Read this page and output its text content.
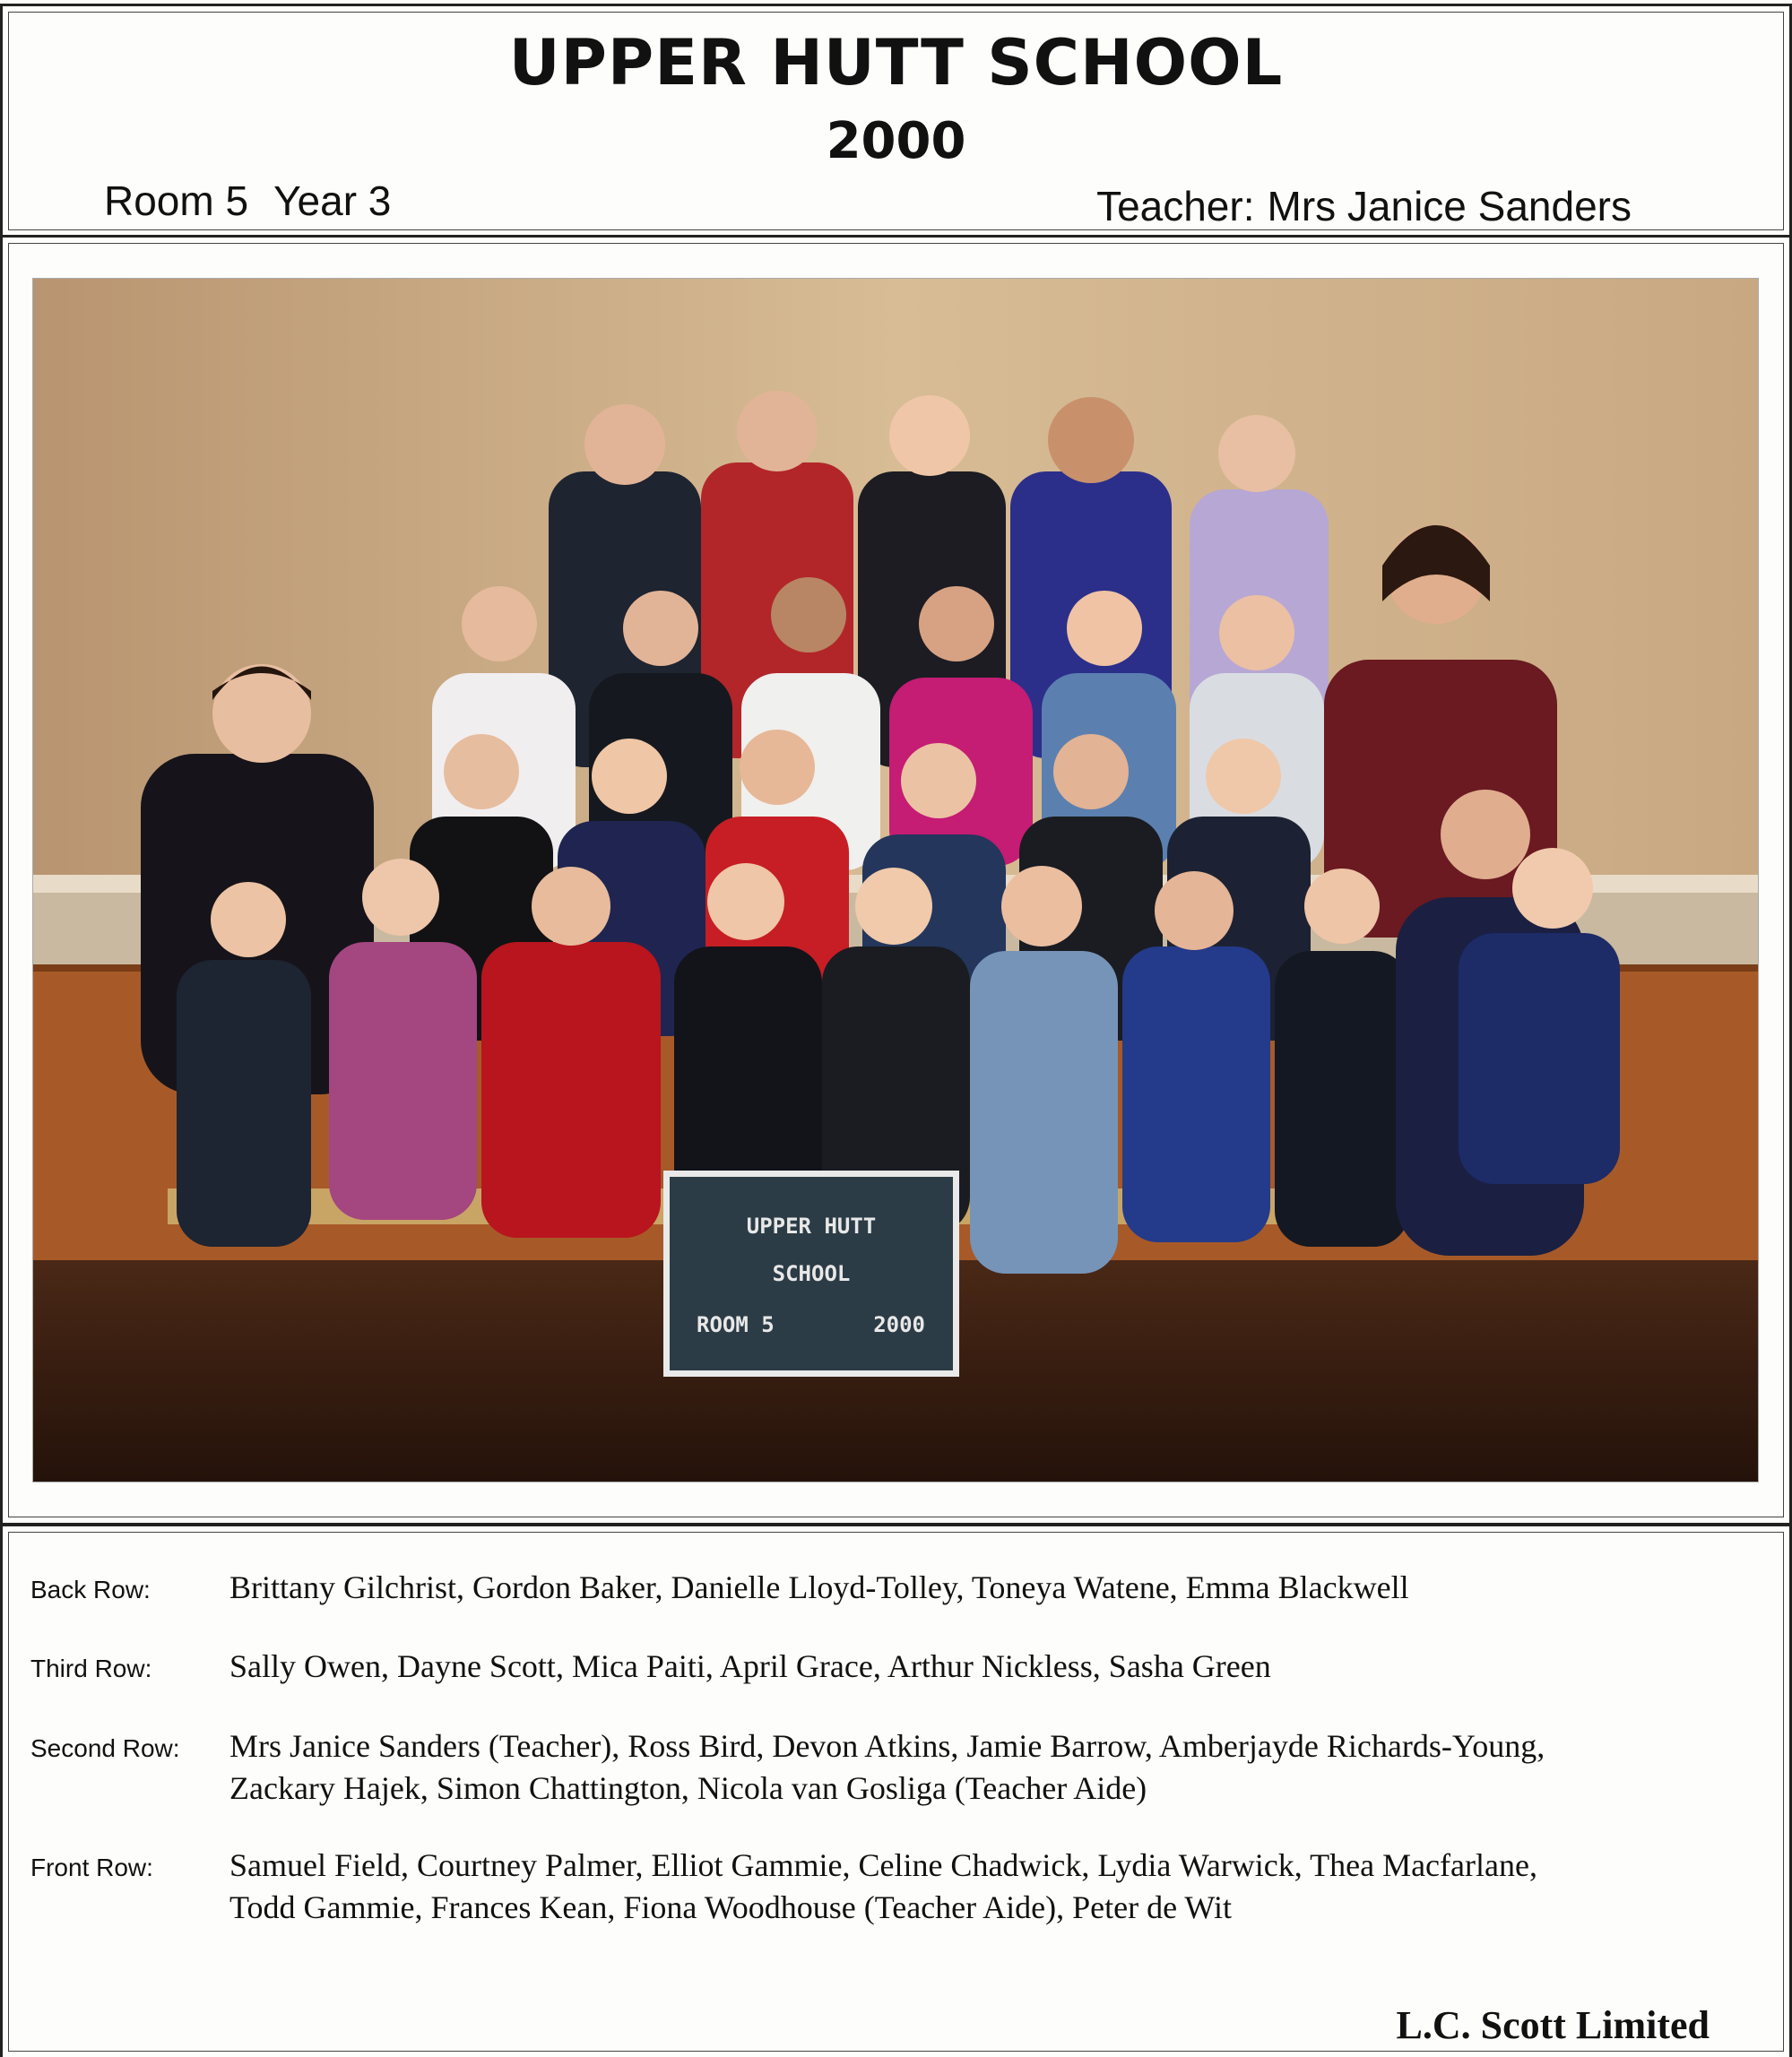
UPPER HUTT SCHOOL
2000
Room 5 Year 3	Teacher: Mrs Janice Sanders
UPPER HUTT
SCHOOL
ROOM 5	2000
Back Row: Brittany Gilchrist, Gordon Baker, Danielle Lloyd-Tolley, Toneya Watene, Emma Blackwell
Third Row: Sally Owen, Dayne Scott, Mica Paiti, April Grace, Arthur Nickless, Sasha Green
Second Row: Mrs Janice Sanders (Teacher), Ross Bird, Devon Atkins, Jamie Barrow, Amberjayde Richards-Young,
Zackary Hajek, Simon Chattington, Nicola van Gosliga (Teacher Aide)
Front Row: Samuel Field, Courtney Palmer, Elliot Gammie, Celine Chadwick, Lydia Warwick, Thea Macfarlane,
Todd Gammie, Frances Kean, Fiona Woodhouse (Teacher Aide), Peter de Wit
L.C. Scott Limited
